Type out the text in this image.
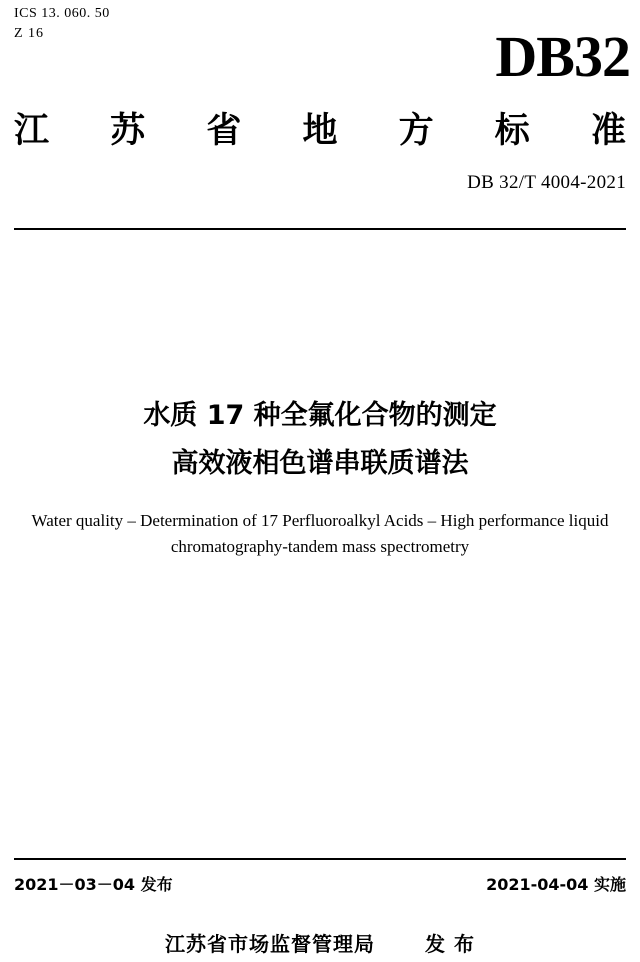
ICS 13. 060. 50
Z 16	DB32
江 苏 省 地 方 标 准
DB 32/T 4004-2021
水质 17 种全氟化合物的测定
高效液相色谱串联质谱法
Water quality – Determination of 17 Perfluoroalkyl Acids – High performance liquid
chromatography-tandem mass spectrometry
2021－03－04 发布	2021-04-04 实施
江苏省市场监督管理局 发 布
